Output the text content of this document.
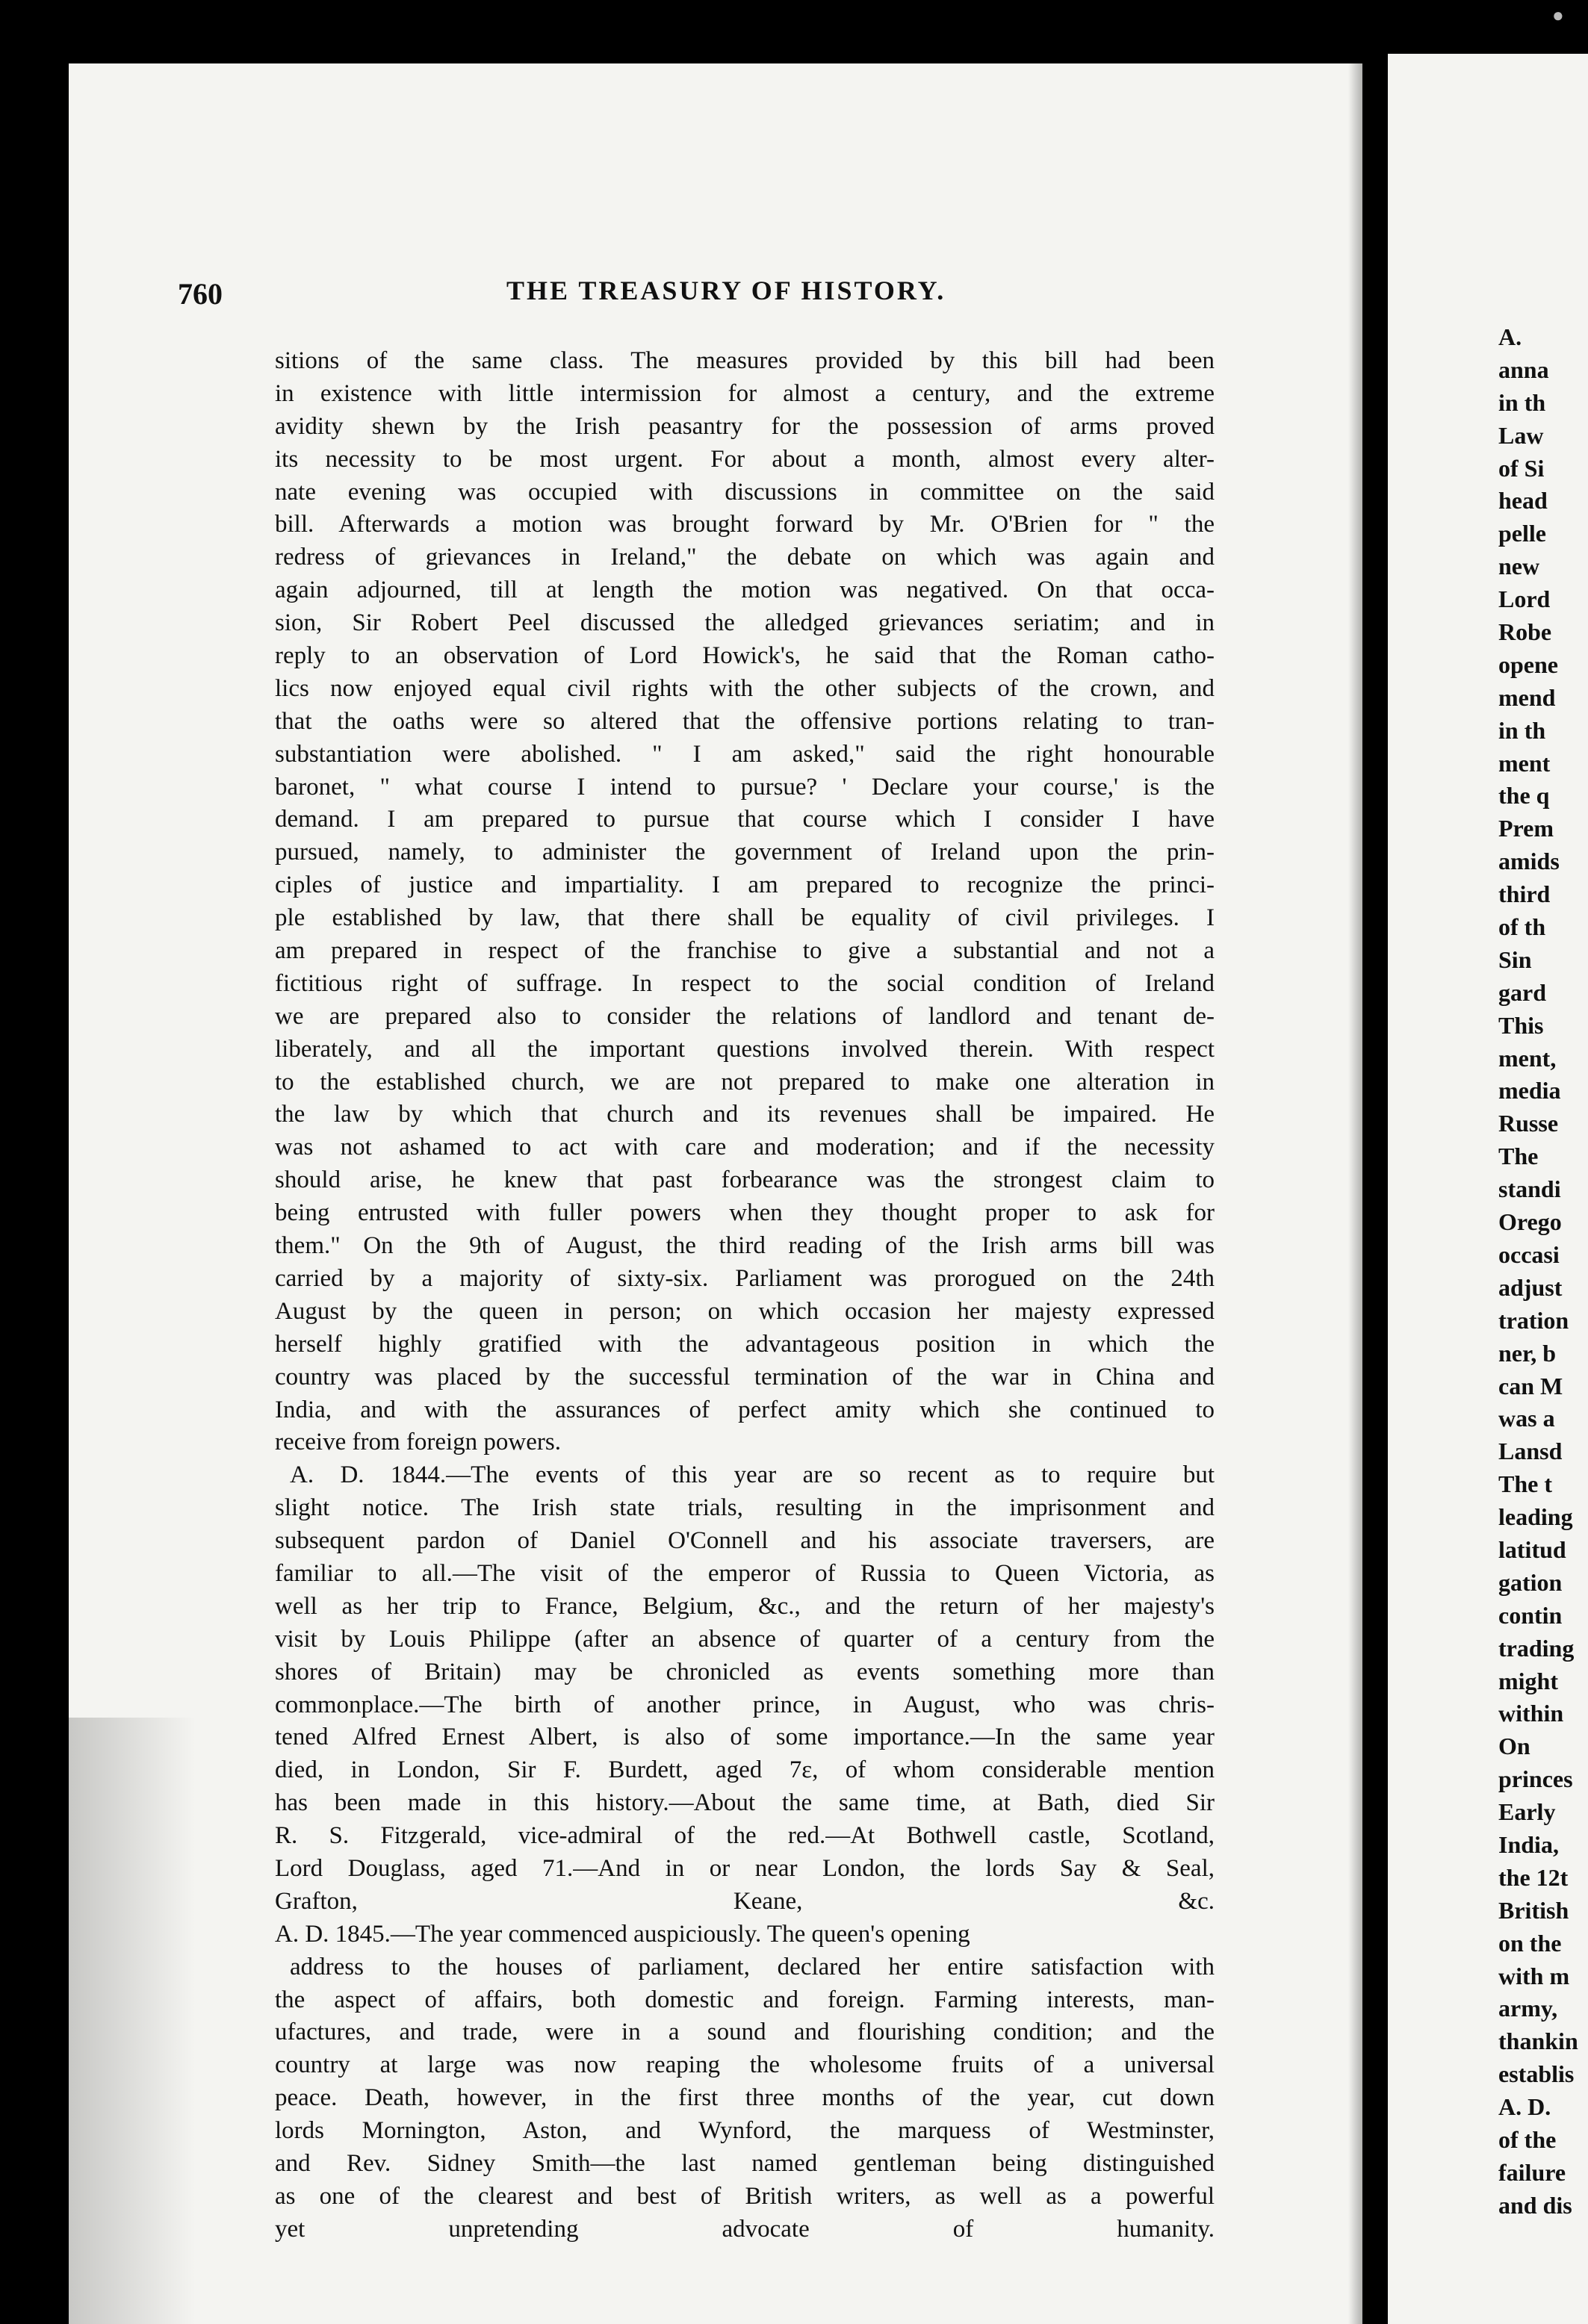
●
760	THE TREASURY OF HISTORY.
sitions of the same class. The measures provided by this bill had been
in existence with little intermission for almost a century, and the extreme
avidity shewn by the Irish peasantry for the possession of arms proved
its necessity to be most urgent. For about a month, almost every alter-
nate evening was occupied with discussions in committee on the said
bill. Afterwards a motion was brought forward by Mr. O'Brien for " the
redress of grievances in Ireland," the debate on which was again and
again adjourned, till at length the motion was negatived. On that occa-
sion, Sir Robert Peel discussed the alledged grievances seriatim; and in
reply to an observation of Lord Howick's, he said that the Roman catho-
lics now enjoyed equal civil rights with the other subjects of the crown, and
that the oaths were so altered that the offensive portions relating to tran-
substantiation were abolished. " I am asked," said the right honourable
baronet, " what course I intend to pursue? ' Declare your course,' is the
demand. I am prepared to pursue that course which I consider I have
pursued, namely, to administer the government of Ireland upon the prin-
ciples of justice and impartiality. I am prepared to recognize the princi-
ple established by law, that there shall be equality of civil privileges. I
am prepared in respect of the franchise to give a substantial and not a
fictitious right of suffrage. In respect to the social condition of Ireland
we are prepared also to consider the relations of landlord and tenant de-
liberately, and all the important questions involved therein. With respect
to the established church, we are not prepared to make one alteration in
the law by which that church and its revenues shall be impaired. He
was not ashamed to act with care and moderation; and if the necessity
should arise, he knew that past forbearance was the strongest claim to
being entrusted with fuller powers when they thought proper to ask for
them." On the 9th of August, the third reading of the Irish arms bill was
carried by a majority of sixty-six. Parliament was prorogued on the 24th
August by the queen in person; on which occasion her majesty expressed
herself highly gratified with the advantageous position in which the
country was placed by the successful termination of the war in China and
India, and with the assurances of perfect amity which she continued to
receive from foreign powers.
A. D. 1844.—The events of this year are so recent as to require but
slight notice. The Irish state trials, resulting in the imprisonment and
subsequent pardon of Daniel O'Connell and his associate traversers, are
familiar to all.—The visit of the emperor of Russia to Queen Victoria, as
well as her trip to France, Belgium, &c., and the return of her majesty's
visit by Louis Philippe (after an absence of quarter of a century from the
shores of Britain) may be chronicled as events something more than
commonplace.—The birth of another prince, in August, who was chris-
tened Alfred Ernest Albert, is also of some importance.—In the same year
died, in London, Sir F. Burdett, aged 7ε, of whom considerable mention
has been made in this history.—About the same time, at Bath, died Sir
R. S. Fitzgerald, vice-admiral of the red.—At Bothwell castle, Scotland,
Lord Douglass, aged 71.—And in or near London, the lords Say & Seal,
Grafton, Keane, &c.
A. D. 1845.—The year commenced auspiciously. The queen's opening
address to the houses of parliament, declared her entire satisfaction with
the aspect of affairs, both domestic and foreign. Farming interests, man-
ufactures, and trade, were in a sound and flourishing condition; and the
country at large was now reaping the wholesome fruits of a universal
peace. Death, however, in the first three months of the year, cut down
lords Mornington, Aston, and Wynford, the marquess of Westminster,
and Rev. Sidney Smith—the last named gentleman being distinguished
as one of the clearest and best of British writers, as well as a powerful
yet unpretending advocate of humanity.
A.
anna
in th
Law
of Si
head
pelle
new
Lord
Robe
opene
mend
in th
ment
the q
Prem
amids
third
of th
Sin
gard
This
ment,
media
Russe
The
standi
Orego
occasi
adjust
tration
ner, b
can M
was a
Lansd
The t
leading
latitud
gation
contin
trading
might
within
On
princes
Early
India,
the 12t
British
on the
with m
army,
thankin
establis
A. D.
of the
failure
and dis
